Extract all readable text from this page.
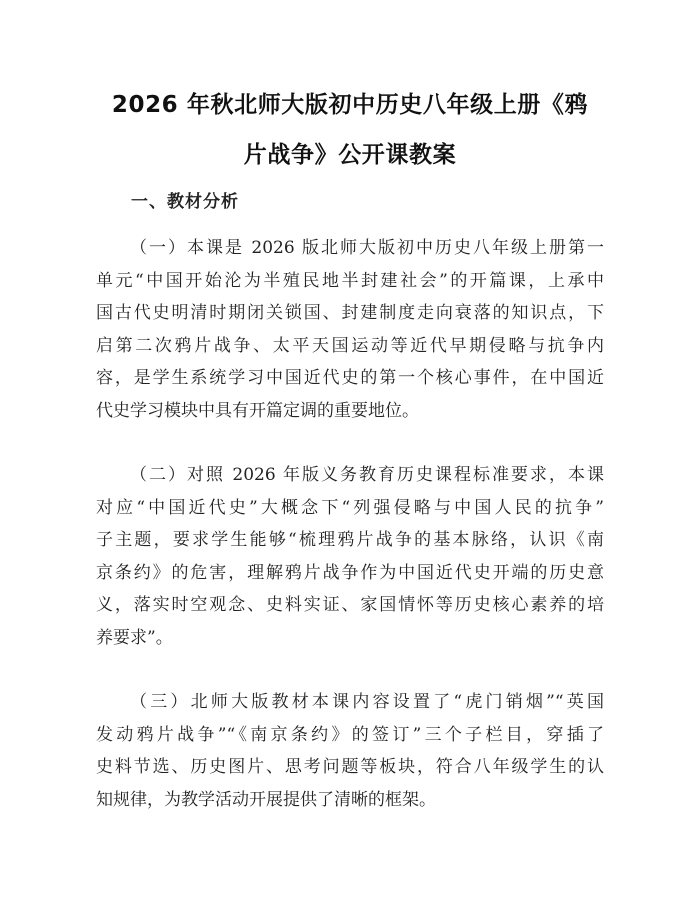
2026 年秋北师大版初中历史八年级上册《鸦
片战争》公开课教案
一、教材分析

（一）本课是 2026 版北师大版初中历史八年级上册第一
单元“中国开始沦为半殖民地半封建社会”的开篇课，上承中
国古代史明清时期闭关锁国、封建制度走向衰落的知识点，下
启第二次鸦片战争、太平天国运动等近代早期侵略与抗争内
容，是学生系统学习中国近代史的第一个核心事件，在中国近
代史学习模块中具有开篇定调的重要地位。

（二）对照 2026 年版义务教育历史课程标准要求，本课
对应“中国近代史”大概念下“列强侵略与中国人民的抗争”
子主题，要求学生能够“梳理鸦片战争的基本脉络，认识《南
京条约》的危害，理解鸦片战争作为中国近代史开端的历史意
义，落实时空观念、史料实证、家国情怀等历史核心素养的培
养要求”。

（三）北师大版教材本课内容设置了“虎门销烟”“英国
发动鸦片战争”“《南京条约》的签订”三个子栏目，穿插了
史料节选、历史图片、思考问题等板块，符合八年级学生的认
知规律，为教学活动开展提供了清晰的框架。
